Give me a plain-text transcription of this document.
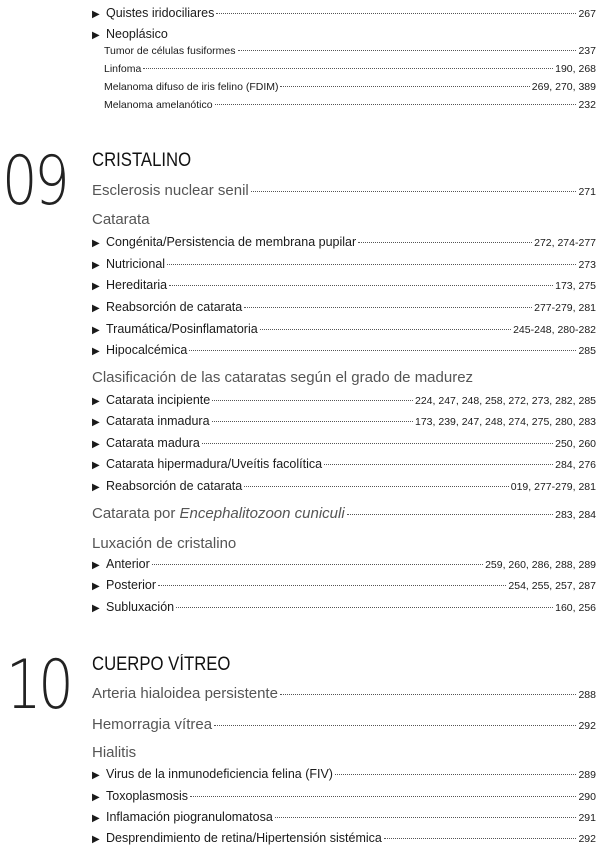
▶ Quistes iridociliares	267
▶ Neoplásico
Tumor de células fusiformes	237
Linfoma	190, 268
Melanoma difuso de iris felino (FDIM)	269, 270, 389
Melanoma amelanótico	232
09 CRISTALINO
Esclerosis nuclear senil	271
Catarata
▶ Congénita/Persistencia de membrana pupilar	272, 274-277
▶ Nutricional	273
▶ Hereditaria	173, 275
▶ Reabsorción de catarata	277-279, 281
▶ Traumática/Posinflamatoria	245-248, 280-282
▶ Hipocalcémica	285
Clasificación de las cataratas según el grado de madurez
▶ Catarata incipiente	224, 247, 248, 258, 272, 273, 282, 285
▶ Catarata inmadura	173, 239, 247, 248, 274, 275, 280, 283
▶ Catarata madura	250, 260
▶ Catarata hipermadura/Uveítis facolítica	284, 276
▶ Reabsorción de catarata	019, 277-279, 281
Catarata por Encephalitozoon cuniculi	283, 284
Luxación de cristalino
▶ Anterior	259, 260, 286, 288, 289
▶ Posterior	254, 255, 257, 287
▶ Subluxación	160, 256
10 CUERPO VÍTREO
Arteria hialoidea persistente	288
Hemorragia vítrea	292
Hialitis
▶ Virus de la inmunodeficiencia felina (FIV)	289
▶ Toxoplasmosis	290
▶ Inflamación piogranulomatosa	291
▶ Desprendimiento de retina/Hipertensión sistémica	292
